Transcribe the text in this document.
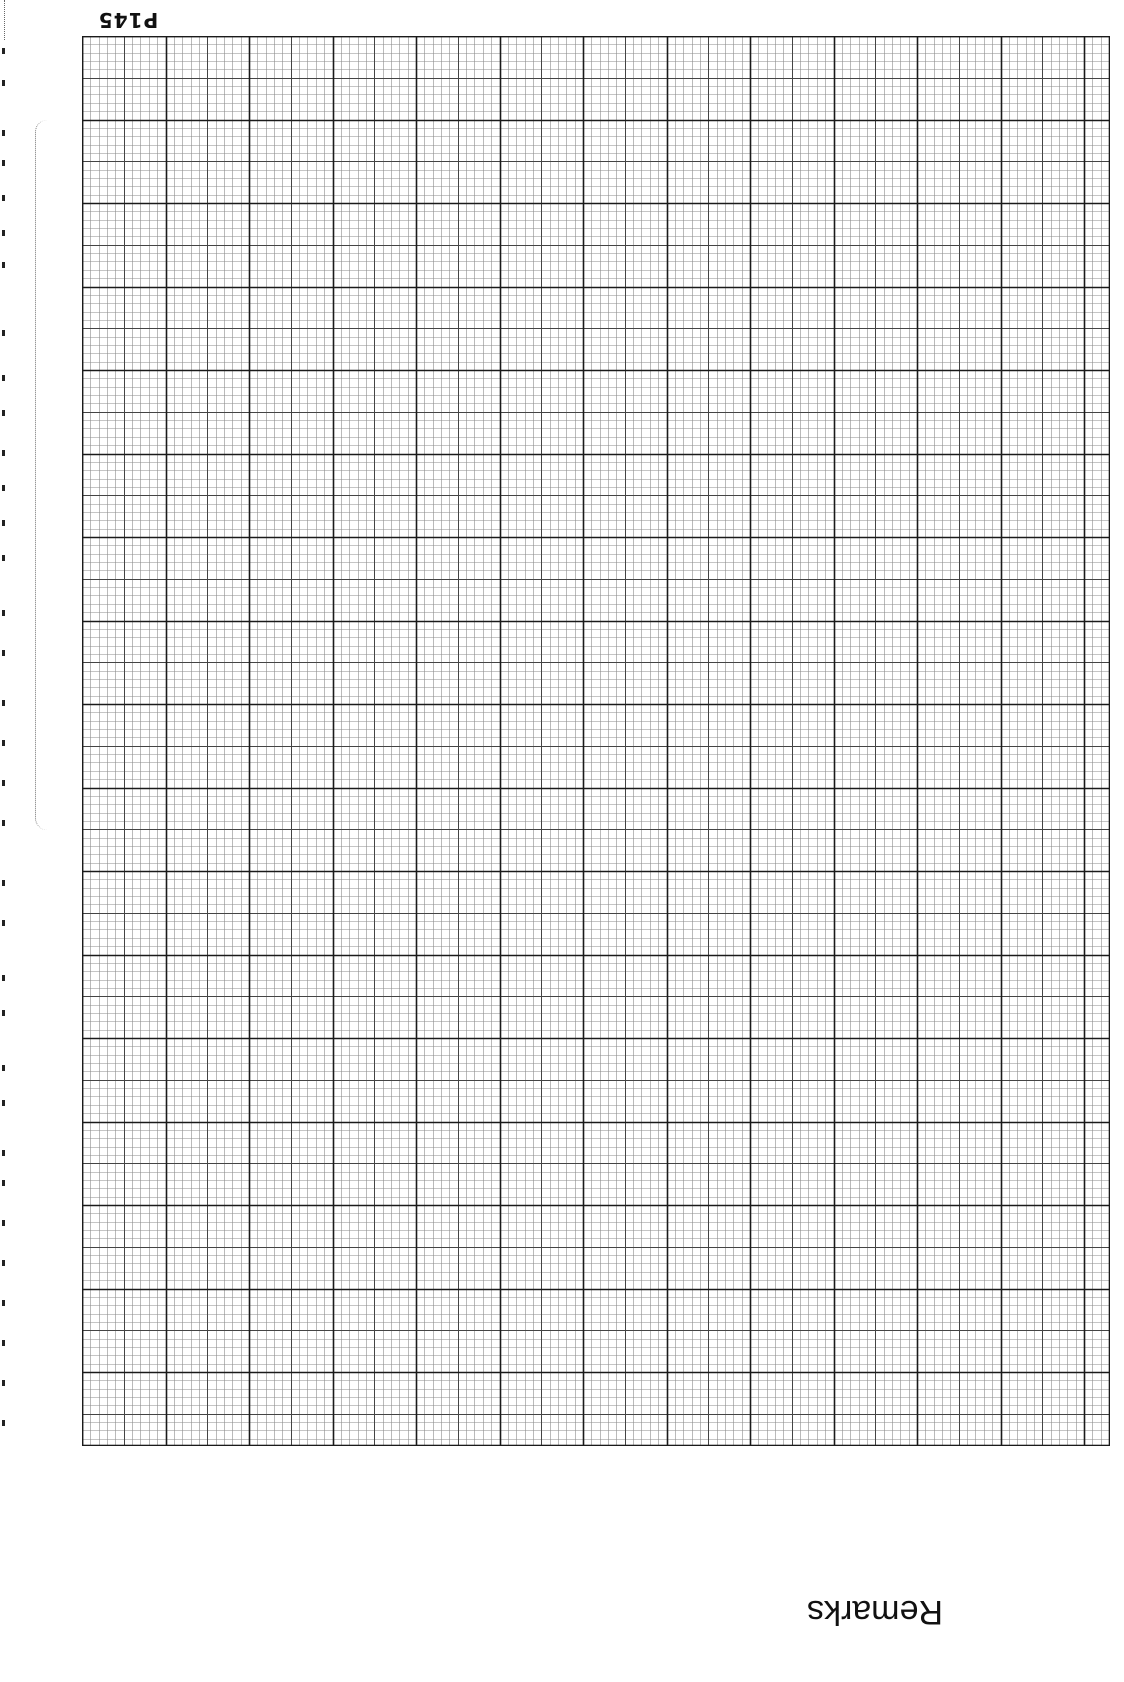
P145
Remarks
